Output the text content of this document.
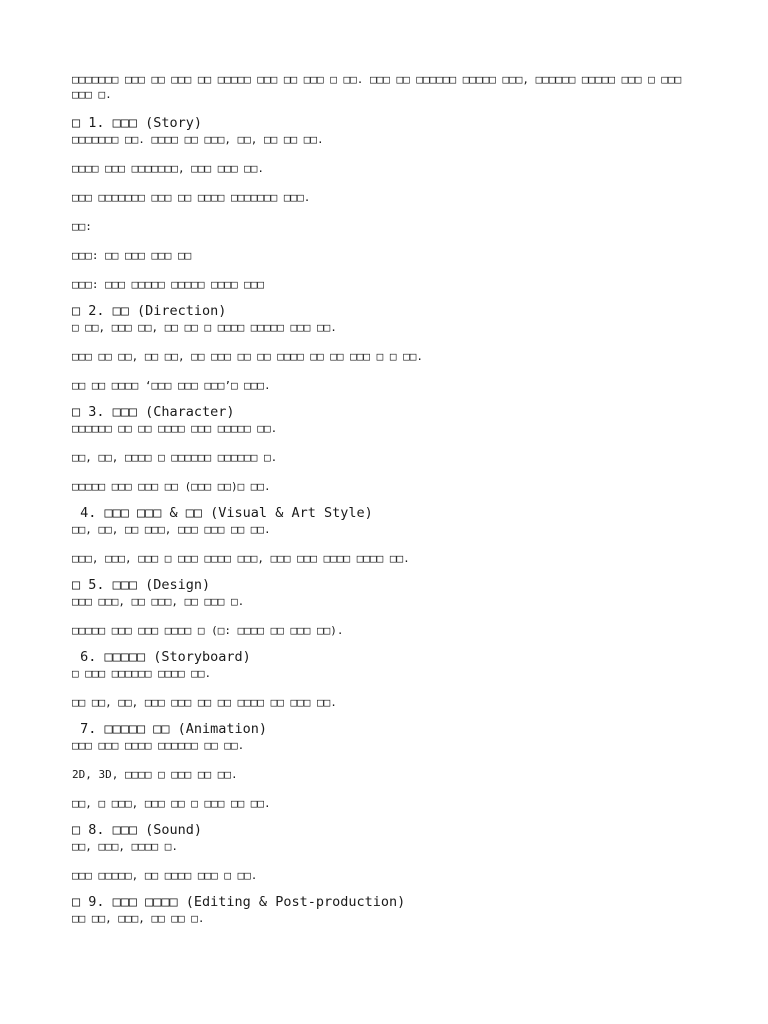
□□□□□□□ □□□ □□ □□□ □□ □□□□□ □□□ □□ □□□ □ □□. □□□ □□ □□□□□□ □□□□□ □□□, □□□□□□ □□□□□ □□□ □ □□□ □□□ □.

□ 1. □□□ (Story)

□□□□□□□ □□. □□□□ □□ □□□, □□, □□ □□ □□.

□□□□ □□□ □□□□□□□, □□□ □□□ □□.

□□□ □□□□□□□ □□□ □□ □□□□ □□□□□□□ □□□.

□□:

□□□: □□ □□□ □□□ □□

□□□: □□□ □□□□□ □□□□□ □□□□ □□□

□ 2. □□ (Direction)

□ □□, □□□ □□, □□ □□ □ □□□□ □□□□□ □□□ □□.

□□□ □□ □□, □□ □□, □□ □□□ □□ □□ □□□□ □□ □□ □□□ □ □ □□.

□□ □□ □□□□ ‘□□□ □□□ □□□’□ □□□.

□ 3. □□□ (Character)

□□□□□□ □□ □□ □□□□ □□□ □□□□□ □□.

□□, □□, □□□□ □ □□□□□□ □□□□□□ □.

□□□□□ □□□ □□□ □□ (□□□ □□)□ □□.

4. □□□ □□□ & □□ (Visual & Art Style)

□□, □□, □□ □□□, □□□ □□□ □□ □□.

□□□, □□□, □□□ □ □□□ □□□□ □□□, □□□ □□□ □□□□ □□□□ □□.

□ 5. □□□ (Design)

□□□ □□□, □□ □□□, □□ □□□ □.

□□□□□ □□□ □□□ □□□□ □ (□: □□□□ □□ □□□ □□).

6. □□□□□ (Storyboard)

□ □□□ □□□□□□ □□□□ □□.

□□ □□, □□, □□□ □□□ □□ □□ □□□□ □□ □□□ □□.

7. □□□□□ □□ (Animation)

□□□ □□□ □□□□ □□□□□□ □□ □□.

2D, 3D, □□□□ □ □□□ □□ □□.

□□, □ □□□, □□□ □□ □ □□□ □□ □□.

□ 8. □□□ (Sound)

□□, □□□, □□□□ □.

□□□ □□□□□, □□ □□□□ □□□ □ □□.

□ 9. □□□ □□□□ (Editing & Post-production)

□□ □□, □□□, □□ □□ □.
